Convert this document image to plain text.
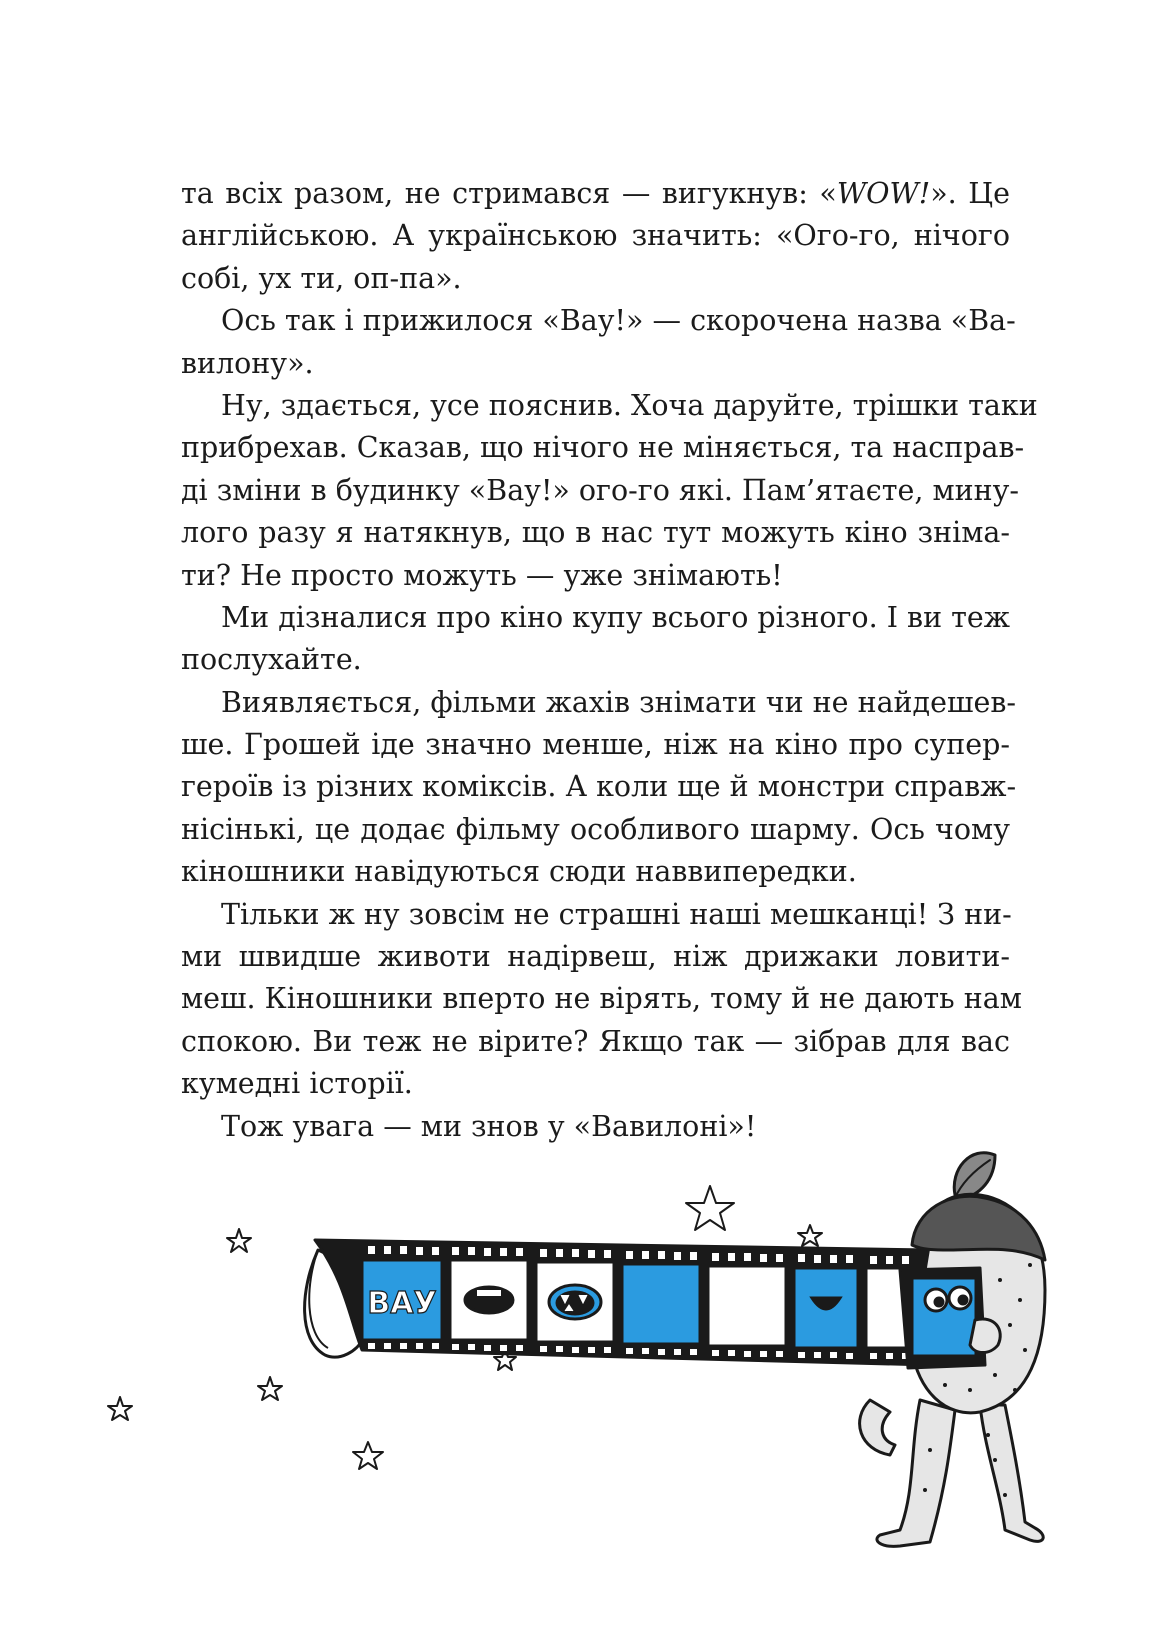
та всіх разом, не стримався — вигукнув: «WOW!». Це
англійською. А українською значить: «Ого-го, нічого
собі, ух ти, оп-па».
Ось так і прижилося «Вау!» — скорочена назва «Ва-
вилону».
Ну, здається, усе пояснив. Хоча даруйте, трішки таки
прибрехав. Сказав, що нічого не міняється, та насправ-
ді зміни в будинку «Вау!» ого-го які. Пам’ятаєте, мину-
лого разу я натякнув, що в нас тут можуть кіно зніма-
ти? Не просто можуть — уже знімають!
Ми дізналися про кіно купу всього різного. І ви теж
послухайте.
Виявляється, фільми жахів знімати чи не найдешев-
ше. Грошей іде значно менше, ніж на кіно про супер-
героїв із різних коміксів. А коли ще й монстри справж-
нісінькі, це додає фільму особливого шарму. Ось чому
кіношники навідуються сюди наввипередки.
Тільки ж ну зовсім не страшні наші мешканці! З ни-
ми швидше животи надірвеш, ніж дрижаки ловити-
меш. Кіношники вперто не вірять, тому й не дають нам
спокою. Ви теж не вірите? Якщо так — зібрав для вас
кумедні історії.
Тож увага — ми знов у «Вавилоні»!
ВАУ
